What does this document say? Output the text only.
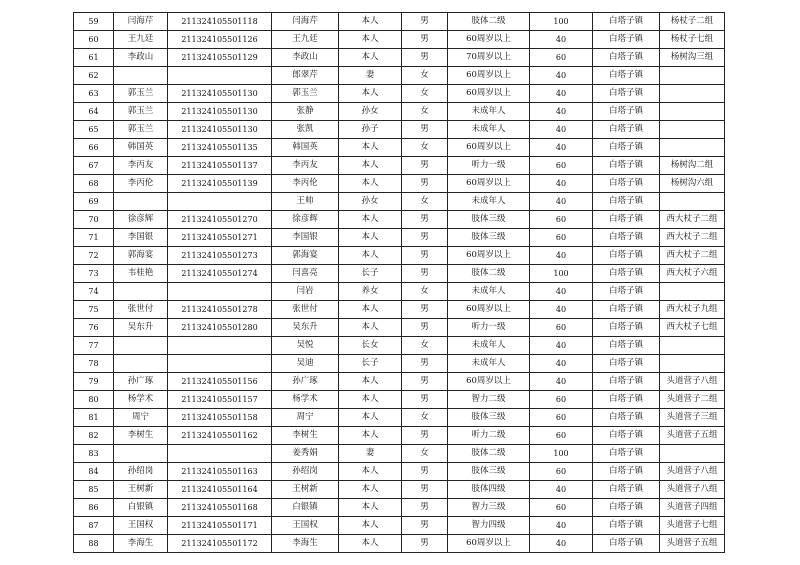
59	闫海芹	211324105501118	闫海芹	本人	男	肢体二级	100	白塔子镇	杨杖子二组
60	王九廷	211324105501126	王九廷	本人	男	60周岁以上	40	白塔子镇	杨杖子七组
61	李政山	211324105501129	李政山	本人	男	70周岁以上	60	白塔子镇	杨树沟三组
62			郎翠芹	妻	女	60周岁以上	40	白塔子镇	
63	郭玉兰	211324105501130	郭玉兰	本人	女	60周岁以上	40	白塔子镇	
64	郭玉兰	211324105501130	张静	孙女	女	未成年人	40	白塔子镇	
65	郭玉兰	211324105501130	张凯	孙子	男	未成年人	40	白塔子镇	
66	韩国英	211324105501135	韩国英	本人	女	60周岁以上	40	白塔子镇	
67	李丙友	211324105501137	李丙友	本人	男	听力一级	60	白塔子镇	杨树沟二组
68	李丙伦	211324105501139	李丙伦	本人	男	60周岁以上	40	白塔子镇	杨树沟六组
69			王帅	孙女	女	未成年人	40	白塔子镇	
70	徐彦辉	211324105501270	徐彦辉	本人	男	肢体三级	60	白塔子镇	西大杖子二组
71	李国银	211324105501271	李国银	本人	男	肢体三级	60	白塔子镇	西大杖子二组
72	郭海宴	211324105501273	郭海宴	本人	男	60周岁以上	40	白塔子镇	西大杖子二组
73	韦桂艳	211324105501274	闫喜亮	长子	男	肢体二级	100	白塔子镇	西大杖子六组
74			闫岩	养女	女	未成年人	40	白塔子镇	
75	张世付	211324105501278	张世付	本人	男	60周岁以上	40	白塔子镇	西大杖子九组
76	吴东升	211324105501280	吴东升	本人	男	听力一级	60	白塔子镇	西大杖子七组
77			吴悦	长女	女	未成年人	40	白塔子镇	
78			吴迪	长子	男	未成年人	40	白塔子镇	
79	孙广琢	211324105501156	孙广琢	本人	男	60周岁以上	40	白塔子镇	头道营子八组
80	杨学术	211324105501157	杨学术	本人	男	智力二级	60	白塔子镇	头道营子二组
81	周宁	211324105501158	周宁	本人	女	肢体三级	60	白塔子镇	头道营子三组
82	李树生	211324105501162	李树生	本人	男	听力二级	60	白塔子镇	头道营子五组
83			姜秀娟	妻	女	肢体二级	100	白塔子镇	
84	孙绍岗	211324105501163	孙绍岗	本人	男	肢体三级	60	白塔子镇	头道营子八组
85	王树新	211324105501164	王树新	本人	男	肢体四级	40	白塔子镇	头道营子八组
86	白银镇	211324105501168	白银镇	本人	男	智力三级	60	白塔子镇	头道营子四组
87	王国权	211324105501171	王国权	本人	男	智力四级	40	白塔子镇	头道营子七组
88	李海生	211324105501172	李海生	本人	男	60周岁以上	40	白塔子镇	头道营子五组
